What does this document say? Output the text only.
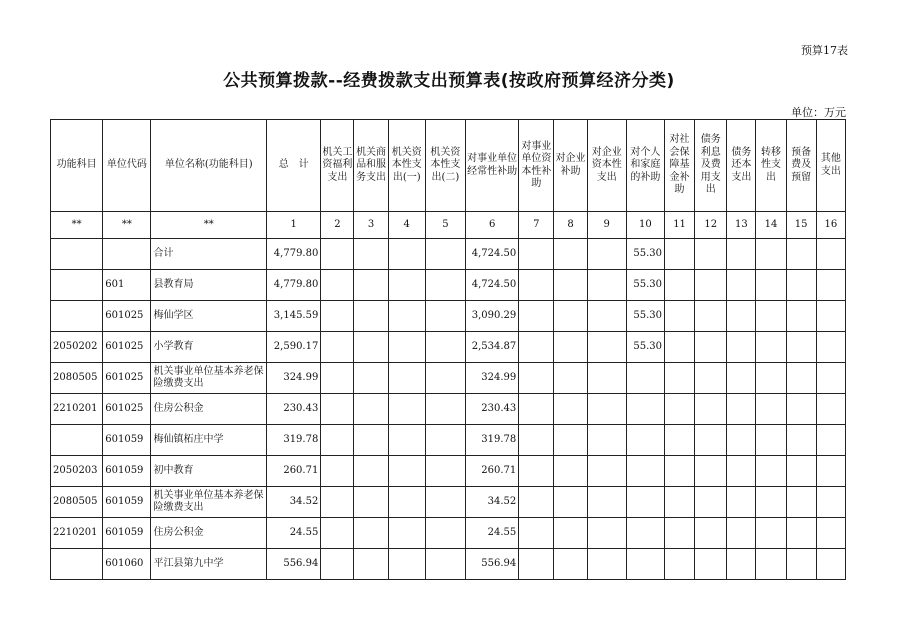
预算17表
公共预算拨款--经费拨款支出预算表(按政府预算经济分类)
单位：万元
功能科目	单位代码	单位名称(功能科目)	总　计	机关工资福利支出	机关商品和服务支出	机关资本性支出(一)	机关资本性支出(二)	对事业单位经常性补助	对事业单位资本性补助	对企业补助	对企业资本性支出	对个人和家庭的补助	对社会保障基金补助	债务利息及费用支出	债务还本支出	转移性支出	预备费及预留	其他支出
**	**	**	1	2	3	4	5	6	7	8	9	10	11	12	13	14	15	16
		合计	4,779.80					4,724.50				55.30						
	601	县教育局	4,779.80					4,724.50				55.30						
	601025	梅仙学区	3,145.59					3,090.29				55.30						
2050202	601025	小学教育	2,590.17					2,534.87				55.30						
2080505	601025	机关事业单位基本养老保险缴费支出	324.99					324.99										
2210201	601025	住房公积金	230.43					230.43										
	601059	梅仙镇柘庄中学	319.78					319.78										
2050203	601059	初中教育	260.71					260.71										
2080505	601059	机关事业单位基本养老保险缴费支出	34.52					34.52										
2210201	601059	住房公积金	24.55					24.55										
	601060	平江县第九中学	556.94					556.94										
